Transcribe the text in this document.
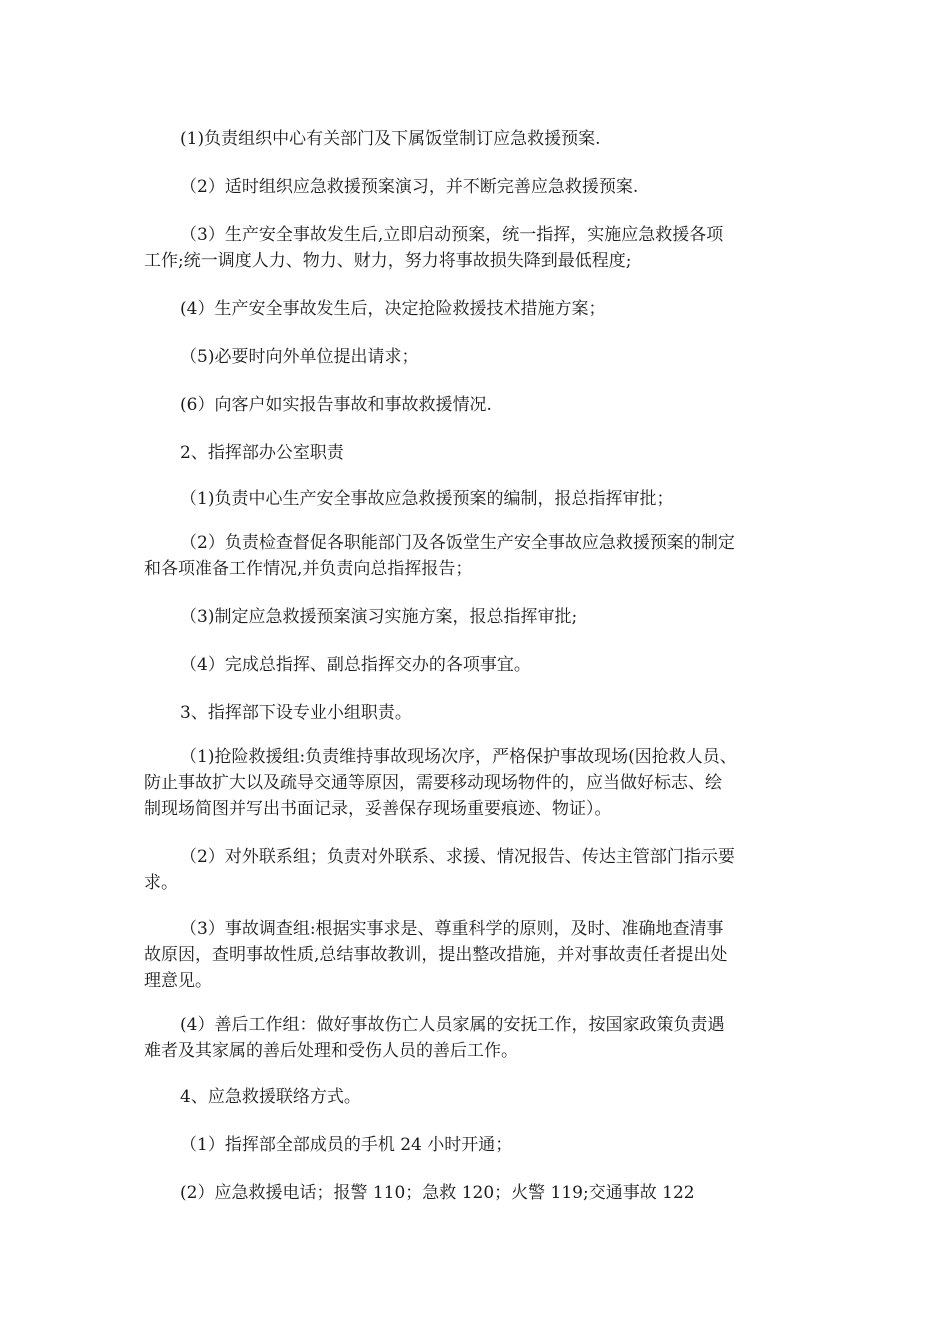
(1)负责组织中心有关部门及下属饭堂制订应急救援预案.

（2）适时组织应急救援预案演习，并不断完善应急救援预案.

（3）生产安全事故发生后,立即启动预案，统一指挥，实施应急救援各项

工作;统一调度人力、物力、财力，努力将事故损失降到最低程度;

(4）生产安全事故发生后，决定抢险救援技术措施方案；

（5)必要时向外单位提出请求；

(6）向客户如实报告事故和事故救援情况.

2、指挥部办公室职责

（1)负责中心生产安全事故应急救援预案的编制，报总指挥审批；

（2）负责检查督促各职能部门及各饭堂生产安全事故应急救援预案的制定

和各项准备工作情况,并负责向总指挥报告；

（3)制定应急救援预案演习实施方案，报总指挥审批;

（4）完成总指挥、副总指挥交办的各项事宜。

3、指挥部下设专业小组职责。

（1)抢险救援组:负责维持事故现场次序，严格保护事故现场(因抢救人员、

防止事故扩大以及疏导交通等原因，需要移动现场物件的，应当做好标志、绘

制现场简图并写出书面记录，妥善保存现场重要痕迹、物证）。

（2）对外联系组；负责对外联系、求援、情况报告、传达主管部门指示要

求。

（3）事故调查组:根据实事求是、尊重科学的原则，及时、准确地查清事

故原因，查明事故性质,总结事故教训，提出整改措施，并对事故责任者提出处

理意见。

(4）善后工作组：做好事故伤亡人员家属的安抚工作，按国家政策负责遇

难者及其家属的善后处理和受伤人员的善后工作。

4、应急救援联络方式。

（1）指挥部全部成员的手机 24 小时开通；

(2）应急救援电话；报警 110；急救 120；火警 119;交通事故 122
